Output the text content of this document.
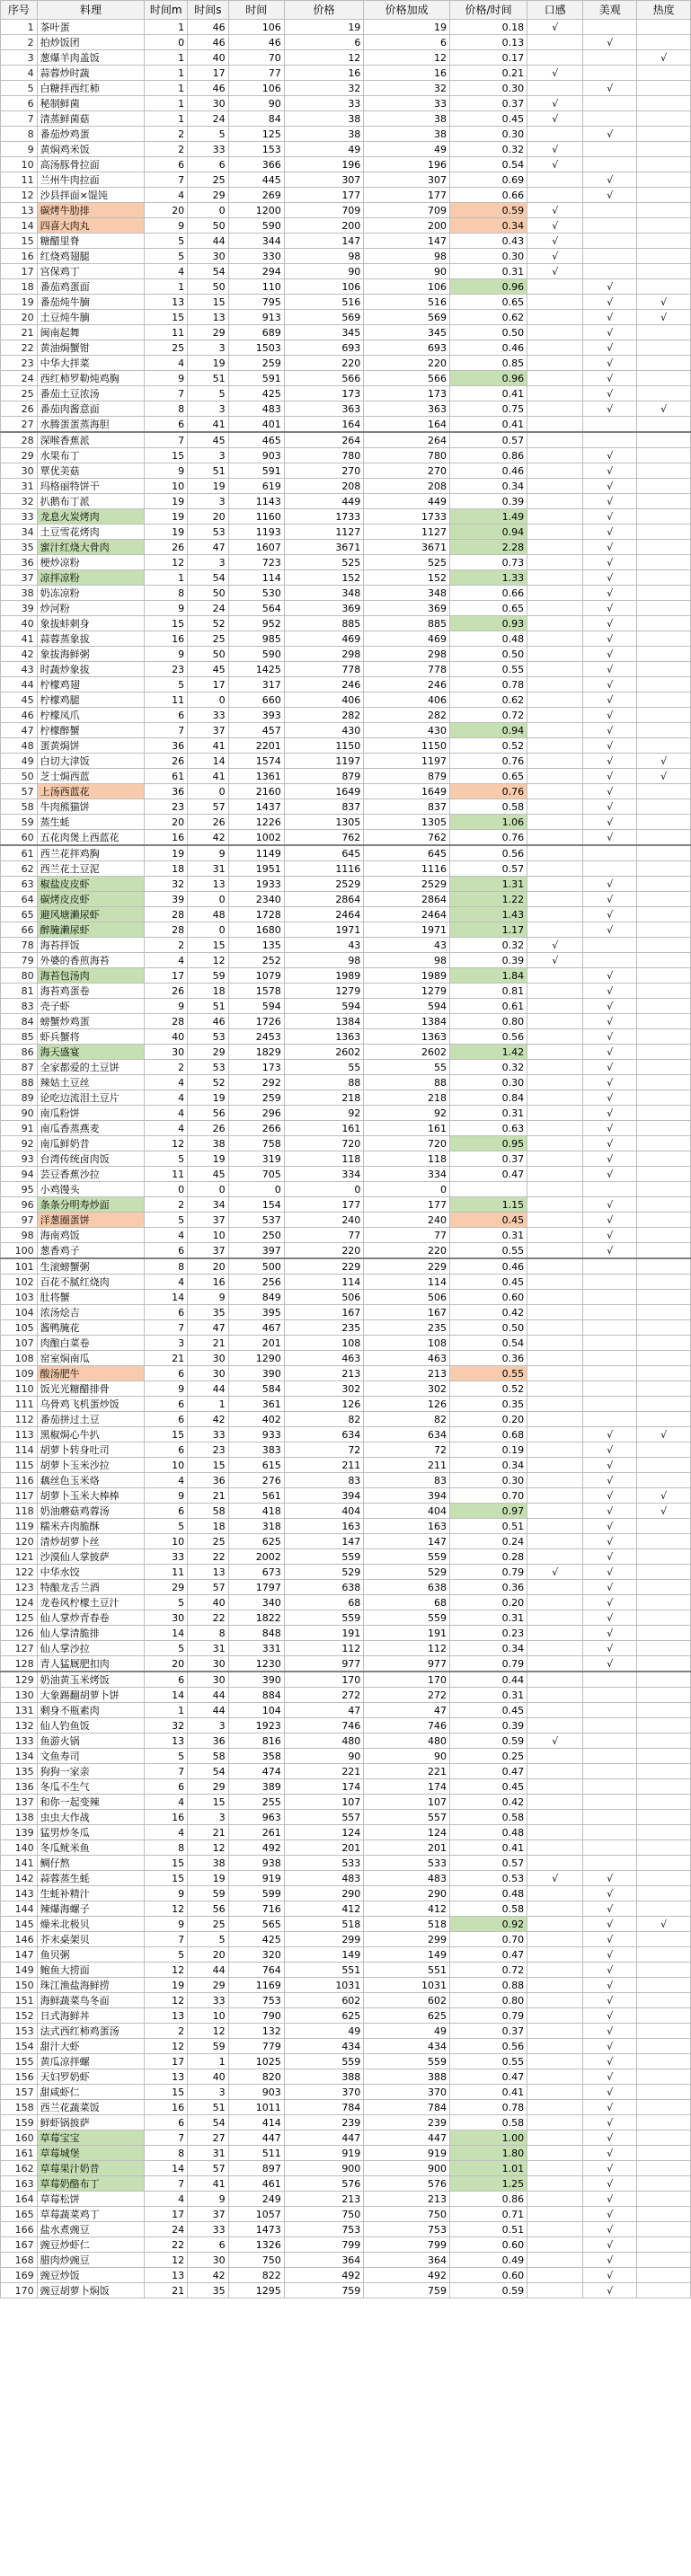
序号	料理	时间m	时间s	时间	价格	价格加成	价格/时间	口感	美观	热度
1	茶叶蛋	1	46	106	19	19	0.18	√		
2	拍炒饭团	0	46	46	6	6	0.13		√	
3	葱爆羊肉盖饭	1	40	70	12	12	0.17			√
4	蒜蓉炒时蔬	1	17	77	16	16	0.21	√		
5	白糖拌西红柿	1	46	106	32	32	0.30		√	
6	秘制鲜菌	1	30	90	33	33	0.37	√		
7	清蒸鲜菌菇	1	24	84	38	38	0.45	√		
8	番茄炒鸡蛋	2	5	125	38	38	0.30		√	
9	黄焖鸡米饭	2	33	153	49	49	0.32	√		
10	高汤豚骨拉面	6	6	366	196	196	0.54	√		
11	兰州牛肉拉面	7	25	445	307	307	0.69		√	
12	沙县拌面×馄饨	4	29	269	177	177	0.66		√	
13	碳烤牛肋排	20	0	1200	709	709	0.59	√		
14	四喜大肉丸	9	50	590	200	200	0.34	√		
15	糖醋里脊	5	44	344	147	147	0.43	√		
16	红烧鸡翅腿	5	30	330	98	98	0.30	√		
17	宫保鸡丁	4	54	294	90	90	0.31	√		
18	番茄鸡蛋面	1	50	110	106	106	0.96		√	
19	番茄炖牛腩	13	15	795	516	516	0.65		√	√
20	土豆炖牛腩	15	13	913	569	569	0.62		√	√
21	闽南起舞	11	29	689	345	345	0.50		√	
22	黄油焗蟹钳	25	3	1503	693	693	0.46		√	
23	中华大拌菜	4	19	259	220	220	0.85		√	
24	西红柿罗勒炖鸡胸	9	51	591	566	566	0.96		√	
25	番茄土豆浓汤	7	5	425	173	173	0.41		√	
26	番茄肉酱意面	8	3	483	363	363	0.75		√	√
27	水腾蛋蛋蒸海胆	6	41	401	164	164	0.41			
28	深喉香蕉派	7	45	465	264	264	0.57			
29	水果布丁	15	3	903	780	780	0.86		√	
30	覃优美菇	9	51	591	270	270	0.46		√	
31	玛格丽特饼干	10	19	619	208	208	0.34		√	
32	扒鹅布丁派	19	3	1143	449	449	0.39		√	
33	龙息火炭烤肉	19	20	1160	1733	1733	1.49		√	
34	土豆雪花烤肉	19	53	1193	1127	1127	0.94		√	
35	蜜汁红烧大骨肉	26	47	1607	3671	3671	2.28		√	
36	梗炒凉粉	12	3	723	525	525	0.73		√	
37	凉拌凉粉	1	54	114	152	152	1.33		√	
38	奶冻凉粉	8	50	530	348	348	0.66		√	
39	炒河粉	9	24	564	369	369	0.65		√	
40	象拔蚌刺身	15	52	952	885	885	0.93		√	
41	蒜蓉蒸象拔	16	25	985	469	469	0.48		√	
42	象拔海鲜粥	9	50	590	298	298	0.50		√	
43	时蔬炒象拔	23	45	1425	778	778	0.55		√	
44	柠檬鸡翅	5	17	317	246	246	0.78		√	
45	柠檬鸡腿	11	0	660	406	406	0.62		√	
46	柠檬凤爪	6	33	393	282	282	0.72		√	
47	柠檬醉蟹	7	37	457	430	430	0.94		√	
48	蛋黄焗饼	36	41	2201	1150	1150	0.52		√	
49	白切大津饭	26	14	1574	1197	1197	0.76		√	√
50	芝士焗西蓝	61	41	1361	879	879	0.65		√	√
57	上汤西蓝花	36	0	2160	1649	1649	0.76		√	
58	牛肉熊猫饼	23	57	1437	837	837	0.58		√	
59	蒸生蚝	20	26	1226	1305	1305	1.06		√	
60	五花肉煲上西蓝花	16	42	1002	762	762	0.76		√	
61	西兰花拌鸡胸	19	9	1149	645	645	0.56			
62	西兰花土豆泥	18	31	1951	1116	1116	0.57			
63	椒盐皮皮虾	32	13	1933	2529	2529	1.31		√	
64	碳烤皮皮虾	39	0	2340	2864	2864	1.22		√	
65	避风塘濑尿虾	28	48	1728	2464	2464	1.43		√	
66	醉腌濑尿虾	28	0	1680	1971	1971	1.17		√	
78	海苔拌饭	2	15	135	43	43	0.32	√		
79	外婆的香煎海苔	4	12	252	98	98	0.39	√		
80	海苔包汤肉	17	59	1079	1989	1989	1.84		√	
81	海苔鸡蛋卷	26	18	1578	1279	1279	0.81		√	
83	壳子虾	9	51	594	594	594	0.61		√	
84	螃蟹炒鸡蛋	28	46	1726	1384	1384	0.80		√	
85	虾兵蟹将	40	53	2453	1363	1363	0.56		√	
86	海天盛宴	30	29	1829	2602	2602	1.42		√	
87	全家都爱的土豆饼	2	53	173	55	55	0.32		√	
88	辣姑土豆丝	4	52	292	88	88	0.30		√	
89	论吃边流泪土豆片	4	19	259	218	218	0.84		√	
90	南瓜粉饼	4	56	296	92	92	0.31		√	
91	南瓜香蒸燕麦	4	26	266	161	161	0.63		√	
92	南瓜鲜奶昔	12	38	758	720	720	0.95		√	
93	台湾传统卤肉饭	5	19	319	118	118	0.37		√	
94	芸豆香蕉沙拉	11	45	705	334	334	0.47		√	
95	小鸡馒头	0	0	0	0	0				
96	条条分明寿炒面	2	34	154	177	177	1.15		√	
97	洋葱圈蛋饼	5	37	537	240	240	0.45		√	
98	海南鸡饭	4	10	250	77	77	0.31		√	
100	葱香鸡子	6	37	397	220	220	0.55		√	
101	生滚螃蟹粥	8	20	500	229	229	0.46			
102	百花不腻红烧肉	4	16	256	114	114	0.45			
103	肚将蟹	14	9	849	506	506	0.60			
104	浓汤烩吉	6	35	395	167	167	0.42			
105	酱鸭腌花	7	47	467	235	235	0.50			
107	肉酿白菜卷	3	21	201	108	108	0.54			
108	窑室焖南瓜	21	30	1290	463	463	0.36			
109	酸汤肥牛	6	30	390	213	213	0.55			
110	饭光光糖醋排骨	9	44	584	302	302	0.52			
111	乌骨鸡飞机蛋炒饭	6	1	361	126	126	0.35			
112	番茄拼过土豆	6	42	402	82	82	0.20			
113	黑椒焗心牛扒	15	33	933	634	634	0.68		√	√
114	胡萝卜转身吐司	6	23	383	72	72	0.19		√	
115	胡萝卜玉米沙拉	10	15	615	211	211	0.34		√	
116	藕丝色玉米烙	4	36	276	83	83	0.30		√	
117	胡萝卜玉米大棒棒	9	21	561	394	394	0.70		√	√
118	奶油蘑菇鸡蓉汤	6	58	418	404	404	0.97		√	√
119	糯米卉肉脆酥	5	18	318	163	163	0.51		√	
120	清炒胡萝卜丝	10	25	625	147	147	0.24		√	
121	沙漠仙人掌披萨	33	22	2002	559	559	0.28		√	
122	中华水饺	11	13	673	529	529	0.79	√	√	
123	特酿龙舌兰酒	29	57	1797	638	638	0.36		√	
124	龙卷风柠檬土豆汁	5	40	340	68	68	0.20		√	
125	仙人掌炒青春卷	30	22	1822	559	559	0.31		√	
126	仙人掌清脆排	14	8	848	191	191	0.23		√	
127	仙人掌沙拉	5	31	331	112	112	0.34		√	
128	青人猛厩肥扣肉	20	30	1230	977	977	0.79		√	
129	奶油黄玉米烤饭	6	30	390	170	170	0.44			
130	大象踢翻胡萝卜饼	14	44	884	272	272	0.31			
131	剩身不瓶素肉	1	44	104	47	47	0.45			
132	仙人钓鱼饭	32	3	1923	746	746	0.39			
133	鱼游火锅	13	36	816	480	480	0.59	√		
134	文鱼寿司	5	58	358	90	90	0.25			
135	狗狗一家亲	7	54	474	221	221	0.47			
136	冬瓜不生气	6	29	389	174	174	0.45			
137	和你一起变辣	4	15	255	107	107	0.42			
138	虫虫大作战	16	3	963	557	557	0.58			
139	猛男炒冬瓜	4	21	261	124	124	0.48			
140	冬瓜鱿米鱼	8	12	492	201	201	0.41			
141	鲷仔熬	15	38	938	533	533	0.57			
142	蒜蓉蒸生蚝	15	19	919	483	483	0.53	√	√	
143	生蚝补精汁	9	59	599	290	290	0.48		√	
144	辣爆海螺子	12	56	716	412	412	0.58		√	
145	燥米北极贝	9	25	565	518	518	0.92		√	√
146	芥末桌架贝	7	5	425	299	299	0.70		√	
147	鱼贝粥	5	20	320	149	149	0.47		√	
149	鲍鱼大捞面	12	44	764	551	551	0.72		√	
150	珠江渔盐海鲜捞	19	29	1169	1031	1031	0.88		√	
151	海鲜蔬菜鸟冬面	12	33	753	602	602	0.80		√	
152	日式海鲜丼	13	10	790	625	625	0.79		√	
153	法式西红柿鸡蛋汤	2	12	132	49	49	0.37		√	
154	甜汁大虾	12	59	779	434	434	0.56		√	
155	黄瓜凉拌螺	17	1	1025	559	559	0.55		√	
156	天妇罗奶虾	13	40	820	388	388	0.47		√	
157	甜咸虾仁	15	3	903	370	370	0.41		√	
158	西兰花蔬菜饭	16	51	1011	784	784	0.78		√	
159	鲜虾锅披萨	6	54	414	239	239	0.58		√	
160	草莓宝宝	7	27	447	447	447	1.00		√	
161	草莓城堡	8	31	511	919	919	1.80		√	
162	草莓果汁奶昔	14	57	897	900	900	1.01		√	
163	草莓奶酪布丁	7	41	461	576	576	1.25		√	
164	草莓松饼	4	9	249	213	213	0.86		√	
165	草莓蔬菜鸡丁	17	37	1057	750	750	0.71		√	
166	盐水煮豌豆	24	33	1473	753	753	0.51		√	
167	豌豆炒虾仁	22	6	1326	799	799	0.60		√	
168	腊肉炒豌豆	12	30	750	364	364	0.49		√	
169	豌豆炒饭	13	42	822	492	492	0.60		√	
170	豌豆胡萝卜焖饭	21	35	1295	759	759	0.59		√	
